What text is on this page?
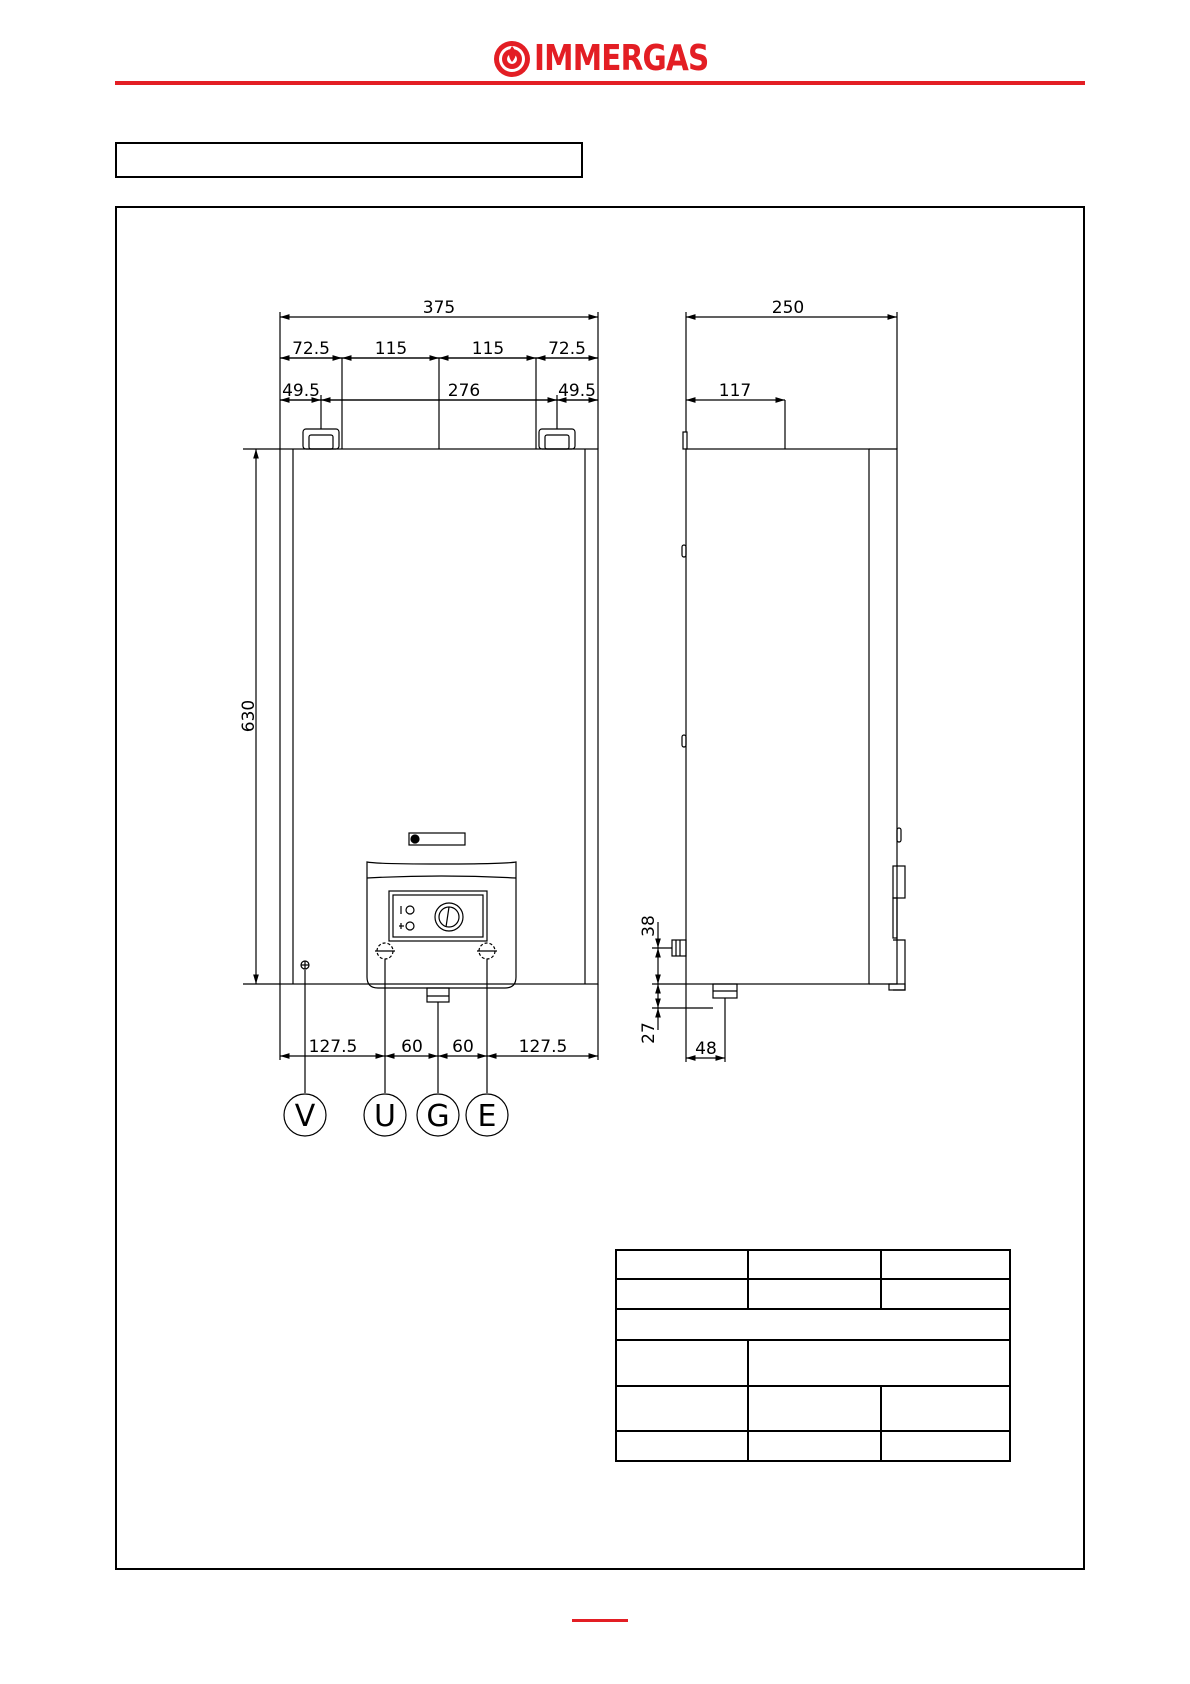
IMMERGAS
375
72.5	115	115	72.5
49.5	276	49.5
630
127.5	60 60	127.5
250
117
38
27
48
V U G E
